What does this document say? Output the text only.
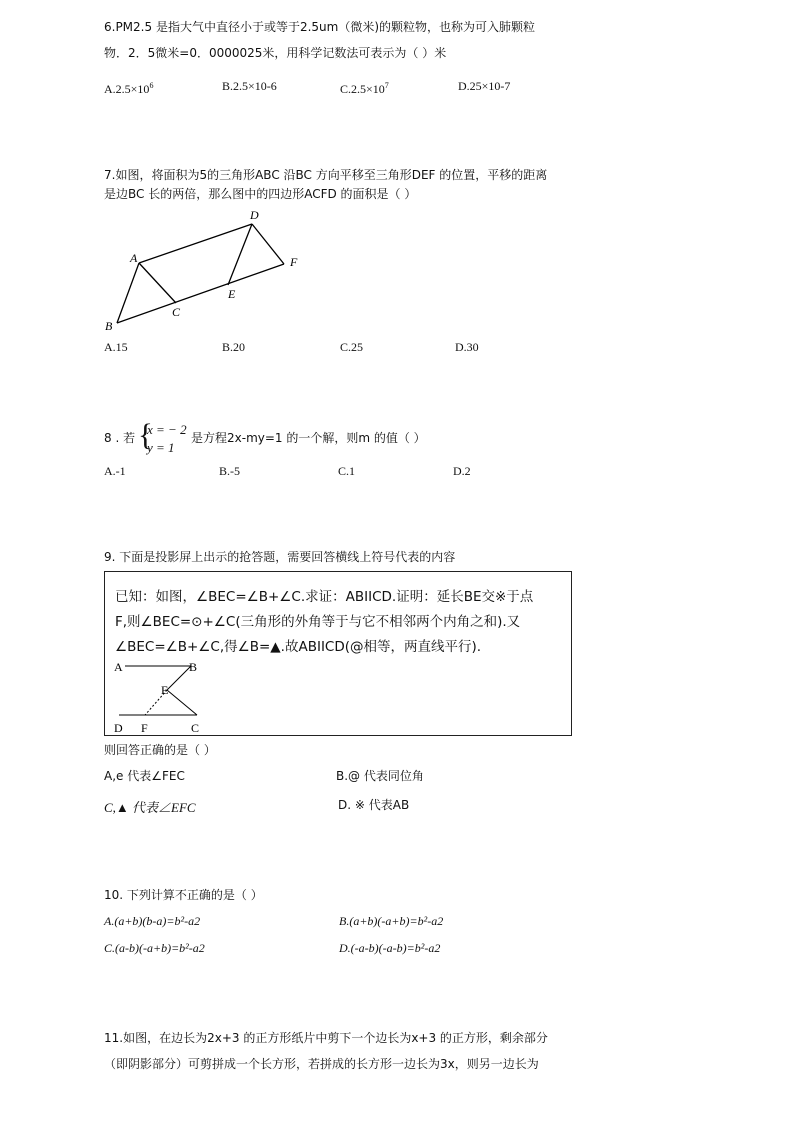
6.PM2.5 是指大气中直径小于或等于2.5um（微米)的颗粒物，也称为可入肺颗粒
物．2．5微米=0．0000025米，用科学记数法可表示为（ ）米
$A.2.5\times 10^6$	B.2.5×10-6	$C.2.5\times 10^7$	D.25×10-7
7.如图，将面积为5的三角形ABC 沿BC 方向平移至三角形DEF 的位置，平移的距离
是边BC 长的两倍，那么图中的四边形ACFD 的面积是（ ）
A
B
C
D
E
F
A.15	B.20	C.25	D.30
8 . 若 {
x = − 2
y = 1
是方程2x-my=1 的一个解，则m 的值（ ）
A.-1	B.-5	C.1	D.2
9. 下面是投影屏上出示的抢答题，需要回答横线上符号代表的内容
已知：如图，∠BEC=∠B+∠C.求证：ABIICD.证明：延长BE交※于点
F,则∠BEC=⊙+∠C(三角形的外角等于与它不相邻两个内角之和).又
∠BEC=∠B+∠C,得∠B=▲.故ABIICD(@相等，两直线平行).
A	B
E
D F	C
则回答正确的是（ ）
A,e 代表∠FEC	B.@ 代表同位角
C,▲ 代表∠EFC	D. ※ 代表AB
10. 下列计算不正确的是（ ）
A.(a+b)(b-a)=b²-a2	B.(a+b)(-a+b)=b²-a2
C.(a-b)(-a+b)=b²-a2	D.(-a-b)(-a-b)=b²-a2
11.如图，在边长为2x+3 的正方形纸片中剪下一个边长为x+3 的正方形，剩余部分
（即阴影部分）可剪拼成一个长方形，若拼成的长方形一边长为3x，则另一边长为
